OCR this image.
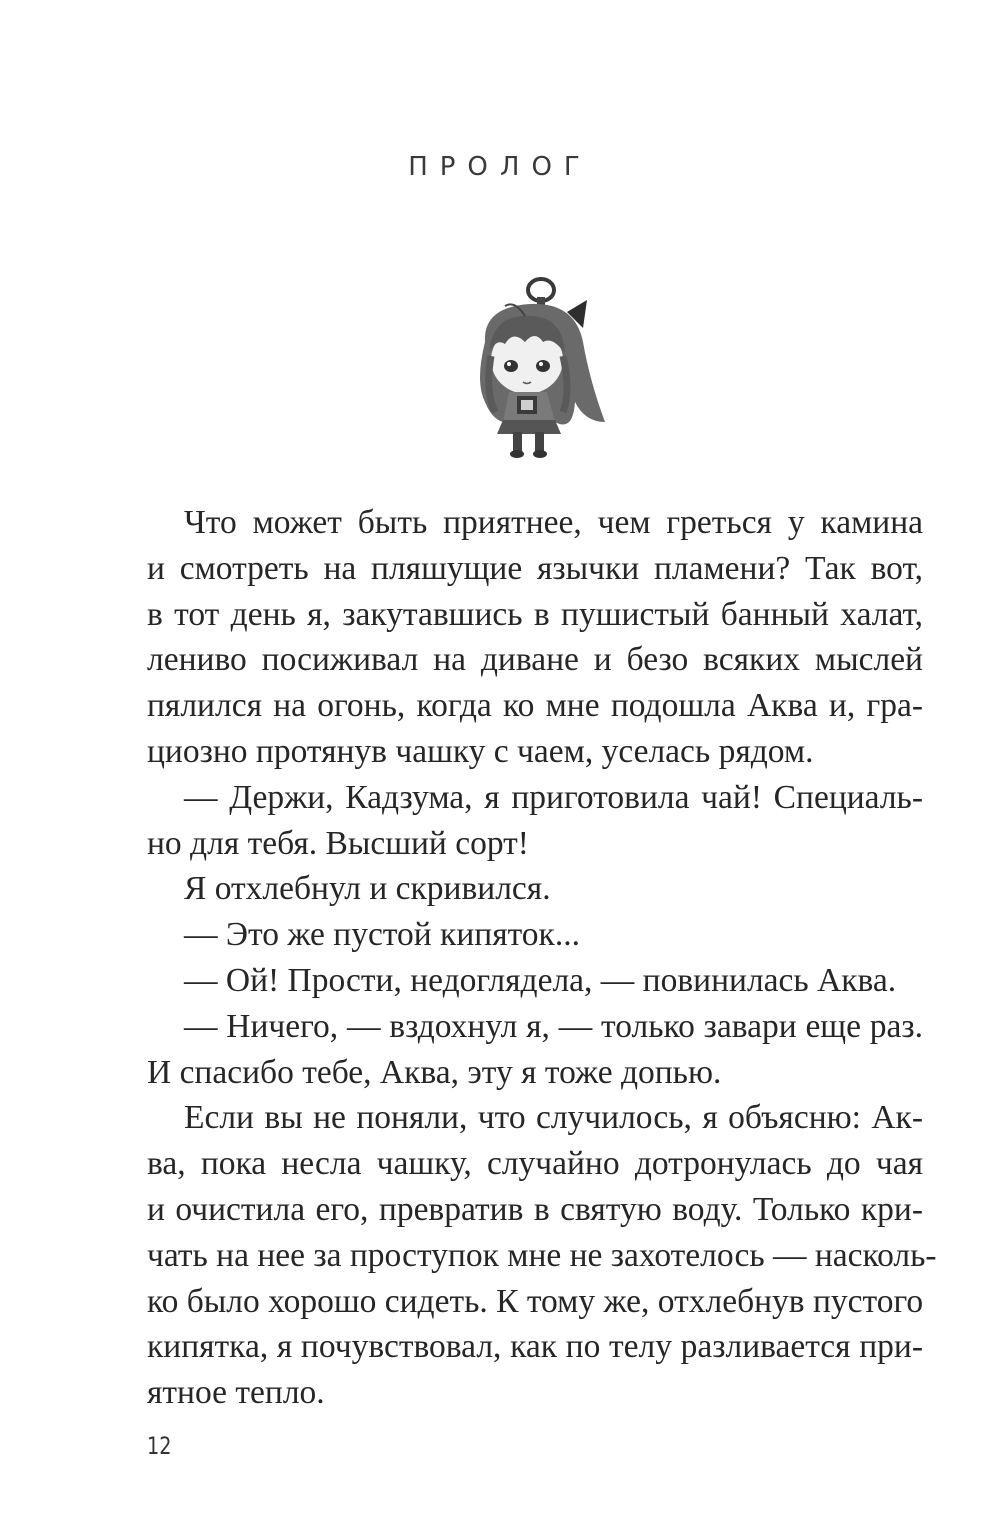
ПРОЛОГ
Что может быть приятнее, чем греться у камина
и смотреть на пляшущие язычки пламени? Так вот,
в тот день я, закутавшись в пушистый банный халат,
лениво посиживал на диване и безо всяких мыслей
пялился на огонь, когда ко мне подошла Аква и, гра-
циозно протянув чашку с чаем, уселась рядом.
— Держи, Кадзума, я приготовила чай! Специаль-
но для тебя. Высший сорт!
Я отхлебнул и скривился.
— Это же пустой кипяток...
— Ой! Прости, недоглядела, — повинилась Аква.
— Ничего, — вздохнул я, — только завари еще раз.
И спасибо тебе, Аква, эту я тоже допью.
Если вы не поняли, что случилось, я объясню: Ак-
ва, пока несла чашку, случайно дотронулась до чая
и очистила его, превратив в святую воду. Только кри-
чать на нее за проступок мне не захотелось — насколь-
ко было хорошо сидеть. К тому же, отхлебнув пустого
кипятка, я почувствовал, как по телу разливается при-
ятное тепло.
12
